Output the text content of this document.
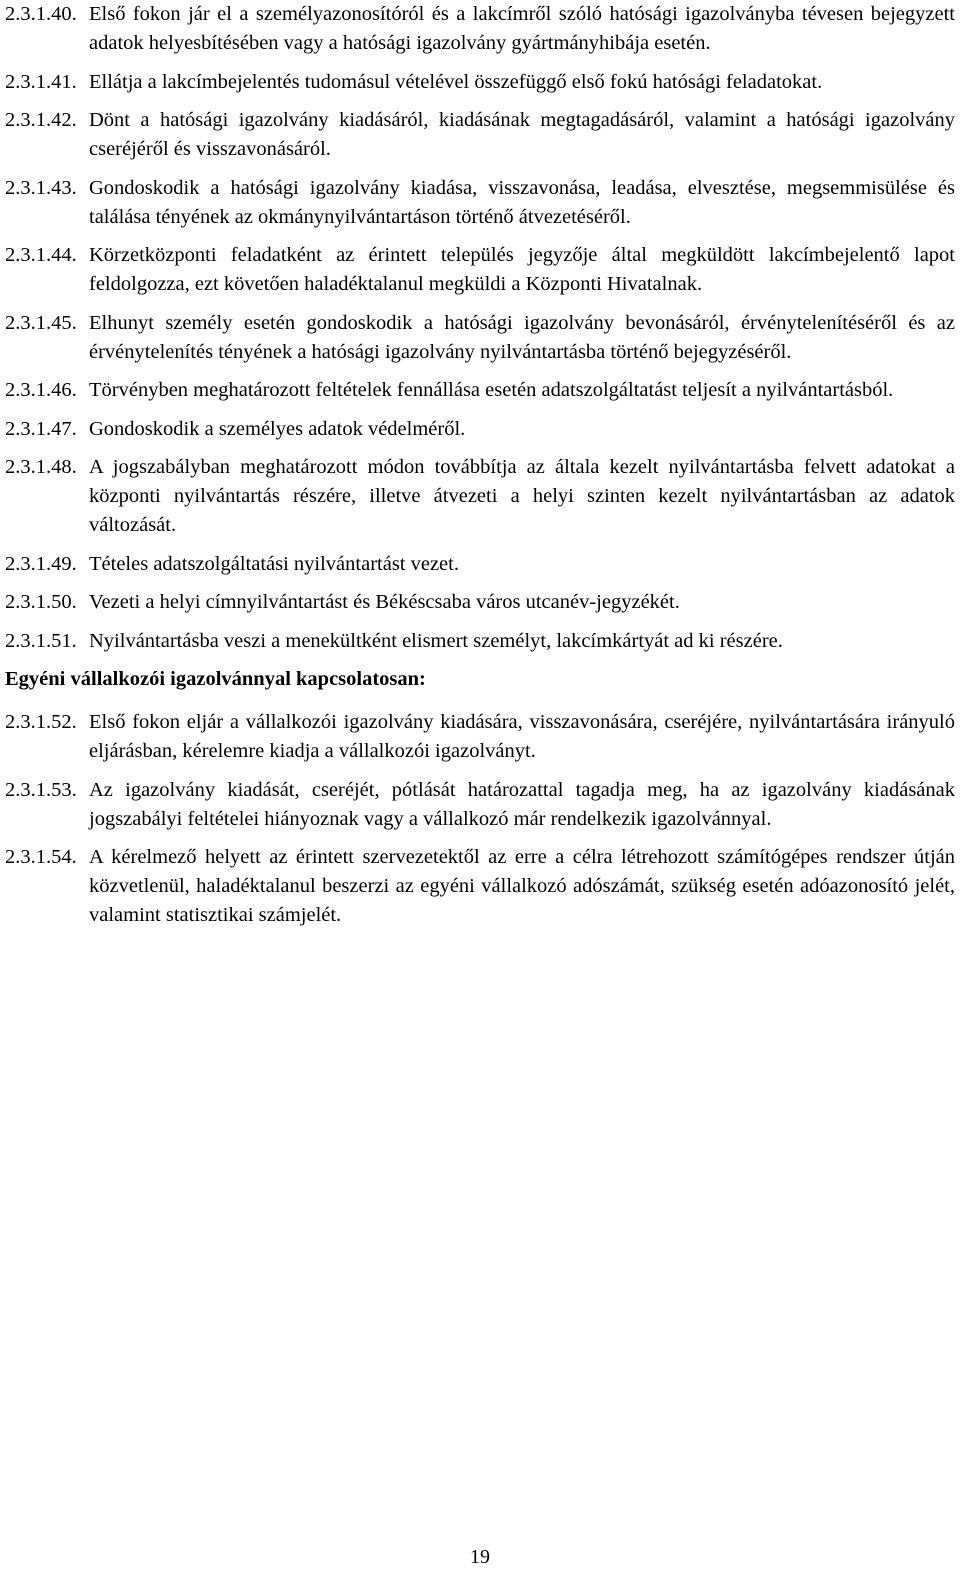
2.3.1.40. Első fokon jár el a személyazonosítóról és a lakcímről szóló hatósági igazolványba tévesen bejegyzett adatok helyesbítésében vagy a hatósági igazolvány gyártmányhibája esetén.
2.3.1.41. Ellátja a lakcímbejelentés tudomásul vételével összefüggő első fokú hatósági feladatokat.
2.3.1.42. Dönt a hatósági igazolvány kiadásáról, kiadásának megtagadásáról, valamint a hatósági igazolvány cseréjéről és visszavonásáról.
2.3.1.43. Gondoskodik a hatósági igazolvány kiadása, visszavonása, leadása, elvesztése, megsemmisülése és találása tényének az okmánynyilvántartáson történő átvezetéséről.
2.3.1.44. Körzetközponti feladatként az érintett település jegyzője által megküldött lakcímbejelentő lapot feldolgozza, ezt követően haladéktalanul megküldi a Központi Hivatalnak.
2.3.1.45. Elhunyt személy esetén gondoskodik a hatósági igazolvány bevonásáról, érvénytelenítéséről és az érvénytelenítés tényének a hatósági igazolvány nyilvántartásba történő bejegyzéséről.
2.3.1.46. Törvényben meghatározott feltételek fennállása esetén adatszolgáltatást teljesít a nyilvántartásból.
2.3.1.47. Gondoskodik a személyes adatok védelméről.
2.3.1.48. A jogszabályban meghatározott módon továbbítja az általa kezelt nyilvántartásba felvett adatokat a központi nyilvántartás részére, illetve átvezeti a helyi szinten kezelt nyilvántartásban az adatok változását.
2.3.1.49. Tételes adatszolgáltatási nyilvántartást vezet.
2.3.1.50. Vezeti a helyi címnyilvántartást és Békéscsaba város utcanév-jegyzékét.
2.3.1.51. Nyilvántartásba veszi a menekültként elismert személyt, lakcímkártyát ad ki részére.
Egyéni vállalkozói igazolvánnyal kapcsolatosan:
2.3.1.52. Első fokon eljár a vállalkozói igazolvány kiadására, visszavonására, cseréjére, nyilvántartására irányuló eljárásban, kérelemre kiadja a vállalkozói igazolványt.
2.3.1.53. Az igazolvány kiadását, cseréjét, pótlását határozattal tagadja meg, ha az igazolvány kiadásának jogszabályi feltételei hiányoznak vagy a vállalkozó már rendelkezik igazolvánnyal.
2.3.1.54. A kérelmező helyett az érintett szervezetektől az erre a célra létrehozott számítógépes rendszer útján közvetlenül, haladéktalanul beszerzi az egyéni vállalkozó adószámát, szükség esetén adóazonosító jelét, valamint statisztikai számjelét.
19
